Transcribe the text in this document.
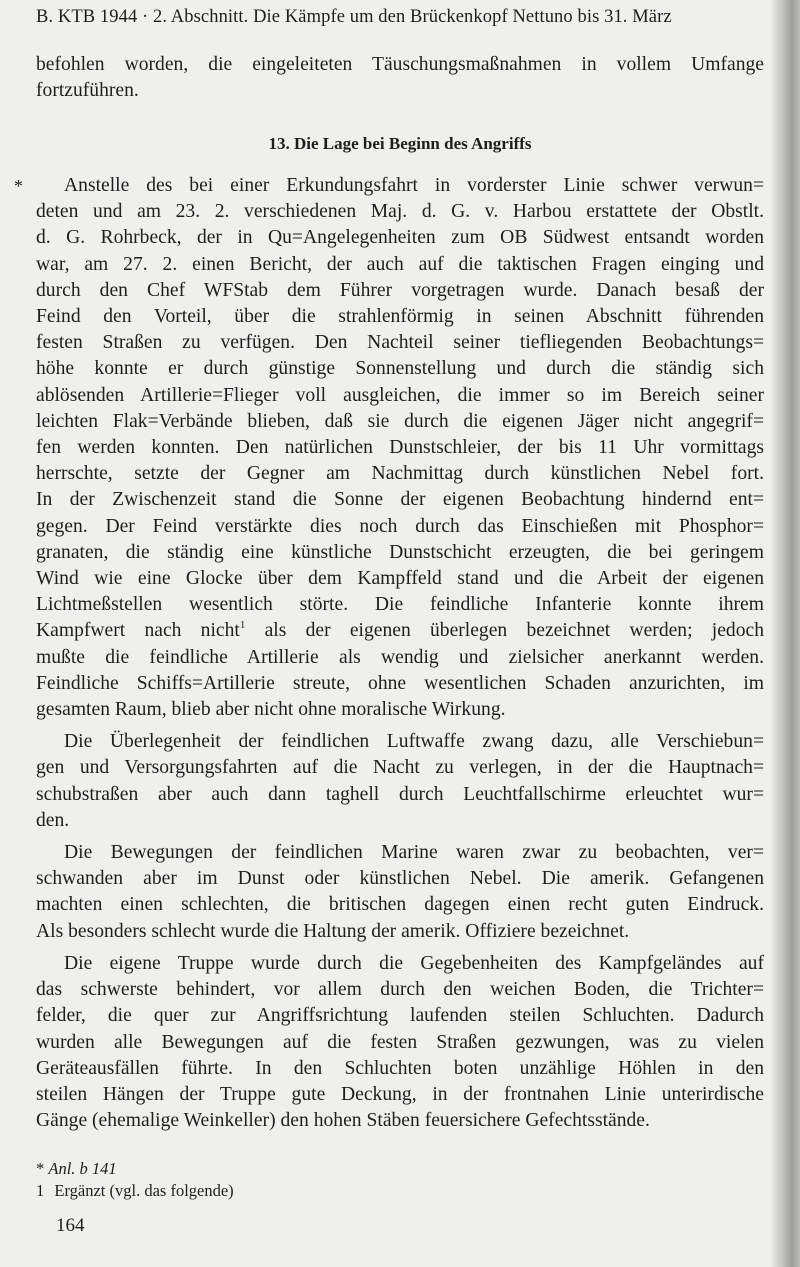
B. KTB 1944 · 2. Abschnitt. Die Kämpfe um den Brückenkopf Nettuno bis 31. März
befohlen worden, die eingeleiteten Täuschungsmaßnahmen in vollem Umfange
fortzuführen.
13. Die Lage bei Beginn des Angriffs
*	Anstelle des bei einer Erkundungsfahrt in vorderster Linie schwer verwun=
deten und am 23. 2. verschiedenen Maj. d. G. v. Harbou erstattete der Obstlt.
d. G. Rohrbeck, der in Qu=Angelegenheiten zum OB Südwest entsandt worden
war, am 27. 2. einen Bericht, der auch auf die taktischen Fragen einging und
durch den Chef WFStab dem Führer vorgetragen wurde. Danach besaß der
Feind den Vorteil, über die strahlenförmig in seinen Abschnitt führenden
festen Straßen zu verfügen. Den Nachteil seiner tiefliegenden Beobachtungs=
höhe konnte er durch günstige Sonnenstellung und durch die ständig sich
ablösenden Artillerie=Flieger voll ausgleichen, die immer so im Bereich seiner
leichten Flak=Verbände blieben, daß sie durch die eigenen Jäger nicht angegrif=
fen werden konnten. Den natürlichen Dunstschleier, der bis 11 Uhr vormittags
herrschte, setzte der Gegner am Nachmittag durch künstlichen Nebel fort.
In der Zwischenzeit stand die Sonne der eigenen Beobachtung hindernd ent=
gegen. Der Feind verstärkte dies noch durch das Einschießen mit Phosphor=
granaten, die ständig eine künstliche Dunstschicht erzeugten, die bei geringem
Wind wie eine Glocke über dem Kampffeld stand und die Arbeit der eigenen
Lichtmeßstellen wesentlich störte. Die feindliche Infanterie konnte ihrem
Kampfwert nach nicht$^1$ als der eigenen überlegen bezeichnet werden; jedoch
mußte die feindliche Artillerie als wendig und zielsicher anerkannt werden.
Feindliche Schiffs=Artillerie streute, ohne wesentlichen Schaden anzurichten, im
gesamten Raum, blieb aber nicht ohne moralische Wirkung.

Die Überlegenheit der feindlichen Luftwaffe zwang dazu, alle Verschiebun=
gen und Versorgungsfahrten auf die Nacht zu verlegen, in der die Hauptnach=
schubstraßen aber auch dann taghell durch Leuchtfallschirme erleuchtet wur=
den.

Die Bewegungen der feindlichen Marine waren zwar zu beobachten, ver=
schwanden aber im Dunst oder künstlichen Nebel. Die amerik. Gefangenen
machten einen schlechten, die britischen dagegen einen recht guten Eindruck.
Als besonders schlecht wurde die Haltung der amerik. Offiziere bezeichnet.

Die eigene Truppe wurde durch die Gegebenheiten des Kampfgeländes auf
das schwerste behindert, vor allem durch den weichen Boden, die Trichter=
felder, die quer zur Angriffsrichtung laufenden steilen Schluchten. Dadurch
wurden alle Bewegungen auf die festen Straßen gezwungen, was zu vielen
Geräteausfällen führte. In den Schluchten boten unzählige Höhlen in den
steilen Hängen der Truppe gute Deckung, in der frontnahen Linie unterirdische
Gänge (ehemalige Weinkeller) den hohen Stäben feuersichere Gefechtsstände.

* Anl. b 141
1 Ergänzt (vgl. das folgende)
164
